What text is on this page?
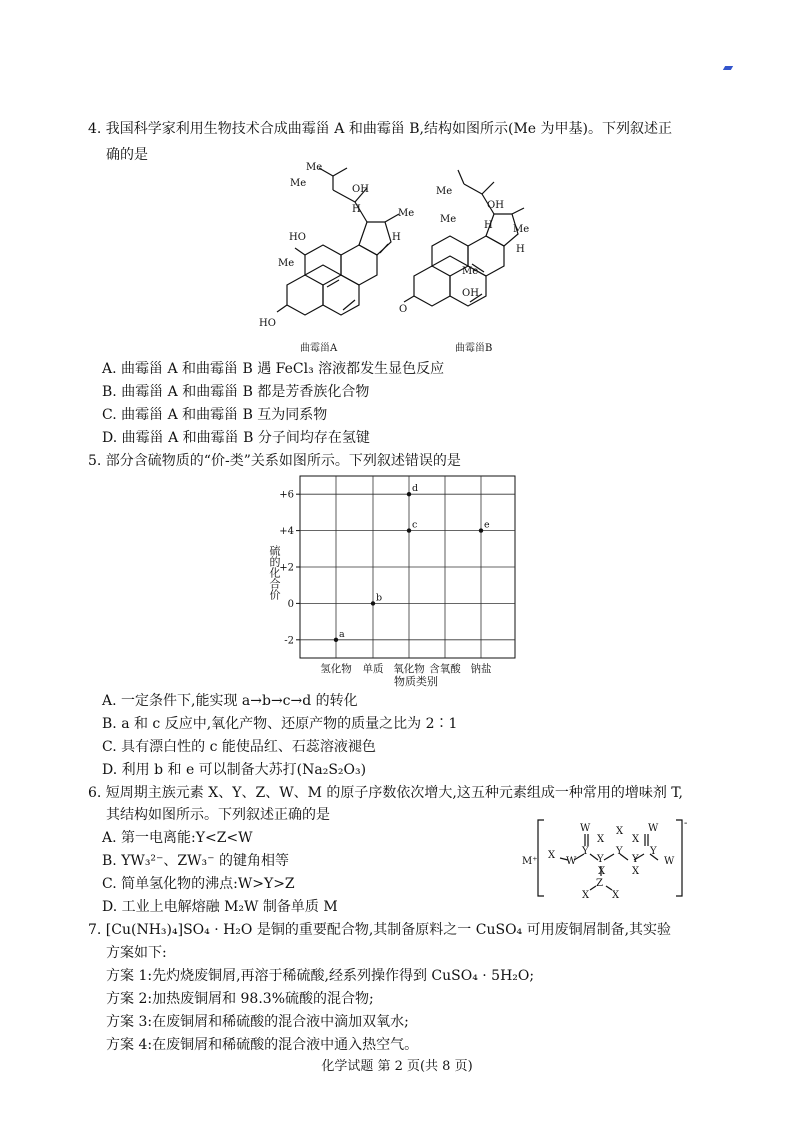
4. 我国科学家利用生物技术合成曲霉甾 A 和曲霉甾 B,结构如图所示(Me 为甲基)。下列叙述正
确的是
Me
OH
Me
Me
H
HO	H
Me
HO
曲霉甾A
Me
Me
OH
Me
H
H
Me
OH
O
曲霉甾B
A. 曲霉甾 A 和曲霉甾 B 遇 FeCl₃ 溶液都发生显色反应
B. 曲霉甾 A 和曲霉甾 B 都是芳香族化合物
C. 曲霉甾 A 和曲霉甾 B 互为同系物
D. 曲霉甾 A 和曲霉甾 B 分子间均存在氢键
5. 部分含硫物质的“价-类”关系如图所示。下列叙述错误的是
硫的化合价
+6
+4
+2
0
-2
氢化物 单质 氧化物 含氧酸 钠盐
a
b
c
d
e
物质类别
A. 一定条件下,能实现 a→b→c→d 的转化
B. a 和 c 反应中,氧化产物、还原产物的质量之比为 2∶1
C. 具有漂白性的 c 能使品红、石蕊溶液褪色
D. 利用 b 和 e 可以制备大苏打(Na₂S₂O₃)
6. 短周期主族元素 X、Y、Z、W、M 的原子序数依次增大,这五种元素组成一种常用的增味剂 T,
其结构如图所示。下列叙述正确的是
A. 第一电离能:Y<Z<W
B. YW₃²⁻、ZW₃⁻ 的键角相等
C. 简单氢化物的沸点:W>Y>Z
D. 工业上电解熔融 M₂W 制备单质 M
M⁺
X
W
W
Y
X
Y
X
X
Y
X
Y
X
W
Y
W
Z
X X
-
7. [Cu(NH₃)₄]SO₄ · H₂O 是铜的重要配合物,其制备原料之一 CuSO₄ 可用废铜屑制备,其实验
方案如下:
方案 1:先灼烧废铜屑,再溶于稀硫酸,经系列操作得到 CuSO₄ · 5H₂O;
方案 2:加热废铜屑和 98.3%硫酸的混合物;
方案 3:在废铜屑和稀硫酸的混合液中滴加双氧水;
方案 4:在废铜屑和稀硫酸的混合液中通入热空气。
化学试题 第 2 页(共 8 页)
